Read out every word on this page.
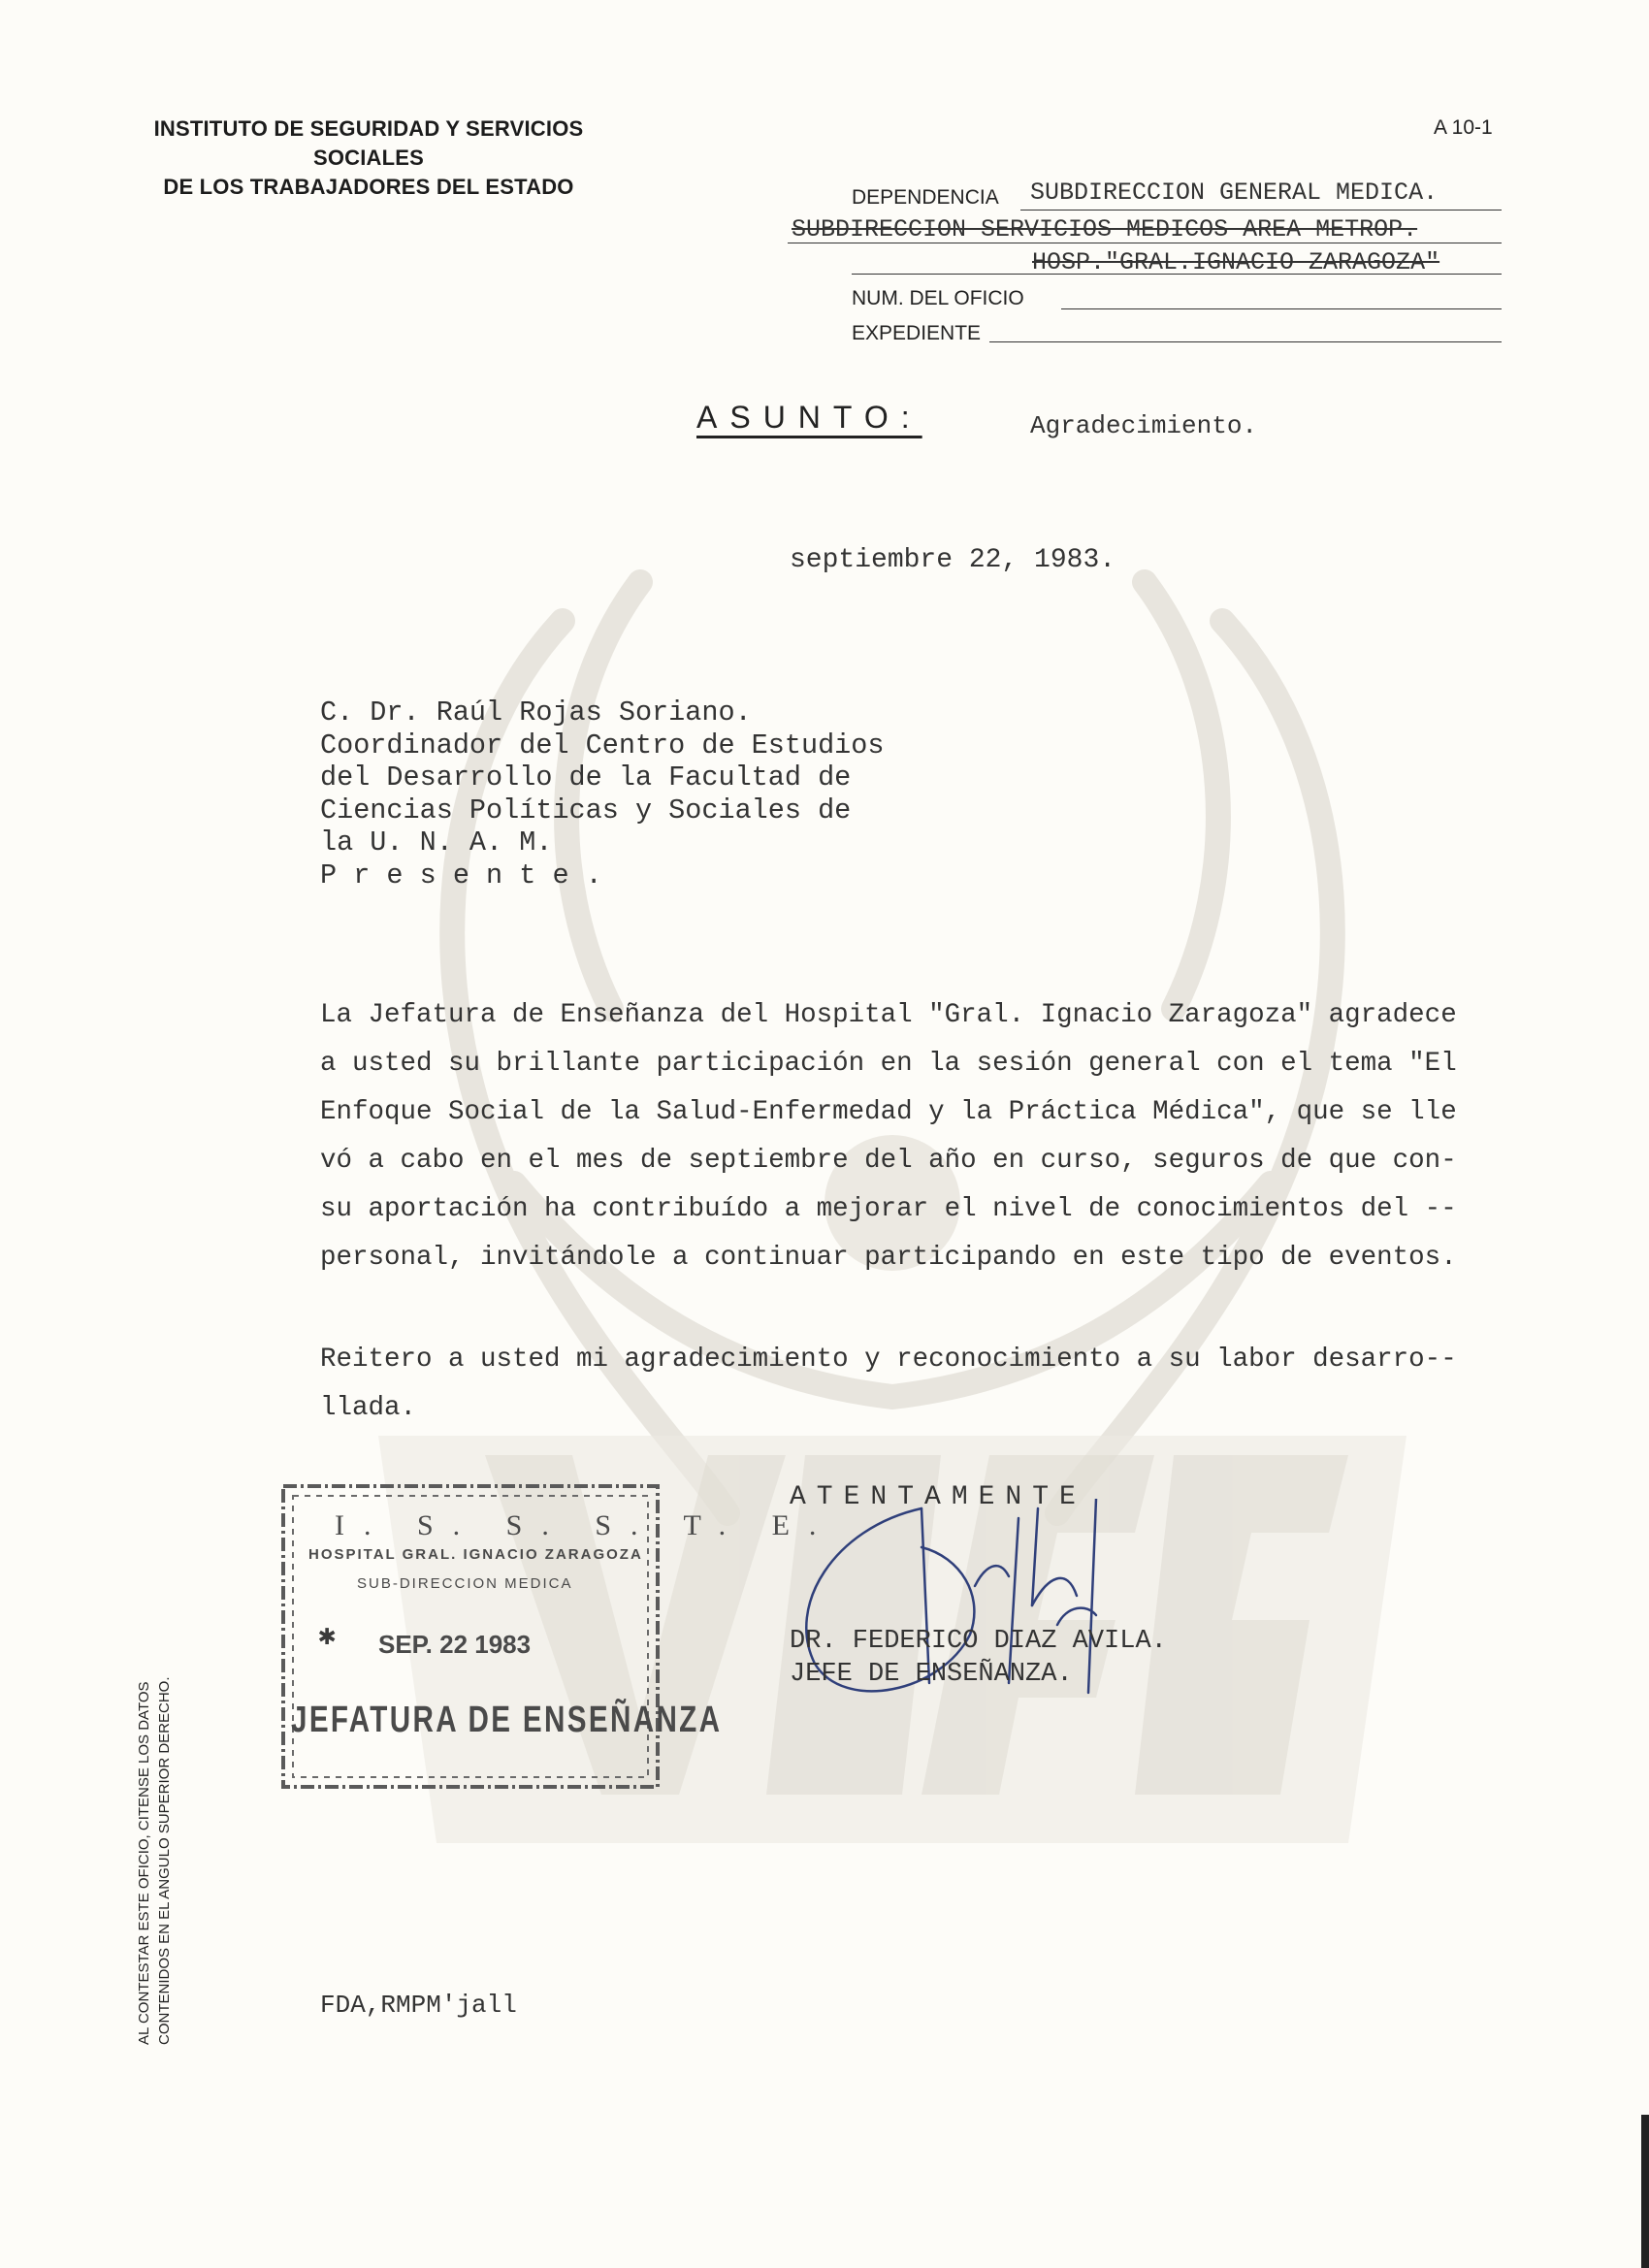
INSTITUTO DE SEGURIDAD Y SERVICIOS SOCIALES
DE LOS TRABAJADORES DEL ESTADO
A 10-1
DEPENDENCIA SUBDIRECCION GENERAL MEDICA.
SUBDIRECCION SERVICIOS MEDICOS AREA METROP.
HOSP."GRAL.IGNACIO ZARAGOZA"
NUM. DEL OFICIO
EXPEDIENTE
ASUNTO:	Agradecimiento.
septiembre 22, 1983.
C. Dr. Raúl Rojas Soriano.
Coordinador del Centro de Estudios
del Desarrollo de la Facultad de
Ciencias Políticas y Sociales de
la U. N. A. M.
P r e s e n t e .
La Jefatura de Enseñanza del Hospital "Gral. Ignacio Zaragoza" agradece
a usted su brillante participación en la sesión general con el tema "El
Enfoque Social de la Salud-Enfermedad y la Práctica Médica", que se lle
vó a cabo en el mes de septiembre del año en curso, seguros de que con-
su aportación ha contribuído a mejorar el nivel de conocimientos del --
personal, invitándole a continuar participando en este tipo de eventos.
Reitero a usted mi agradecimiento y reconocimiento a su labor desarro--
llada.
ATENTAMENTE
I. S. S. S. T. E.
HOSPITAL GRAL. IGNACIO ZARAGOZA
SUB-DIRECCION MEDICA
✱ SEP. 22 1983
JEFATURA DE ENSEÑANZA
DR. FEDERICO DIAZ AVILA.
JEFE DE ENSEÑANZA.
AL CONTESTAR ESTE OFICIO, CITENSE LOS DATOS CONTENIDOS EN EL ANGULO SUPERIOR DERECHO.	FDA,RMPM'jall
